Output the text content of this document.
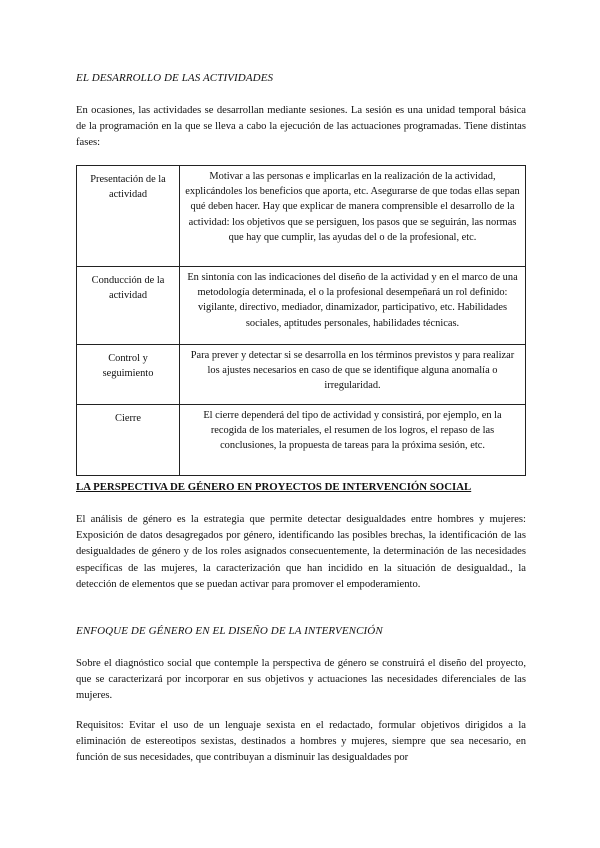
EL DESARROLLO DE LAS ACTIVIDADES

En ocasiones, las actividades se desarrollan mediante sesiones. La sesión es una unidad temporal básica de la programación en la que se lleva a cabo la ejecución de las actuaciones programadas. Tiene distintas fases:

Presentación de la actividad	Motivar a las personas e implicarlas en la realización de la actividad, explicándoles los beneficios que aporta, etc. Asegurarse de que todas ellas sepan qué deben hacer. Hay que explicar de manera comprensible el desarrollo de la actividad: los objetivos que se persiguen, los pasos que se seguirán, las normas que hay que cumplir, las ayudas del o de la profesional, etc.
Conducción de la actividad	En sintonía con las indicaciones del diseño de la actividad y en el marco de una metodología determinada, el o la profesional desempeñará un rol definido: vigilante, directivo, mediador, dinamizador, participativo, etc. Habilidades sociales, aptitudes personales, habilidades técnicas.
Control y seguimiento	Para prever y detectar si se desarrolla en los términos previstos y para realizar los ajustes necesarios en caso de que se identifique alguna anomalía o irregularidad.
Cierre	El cierre dependerá del tipo de actividad y consistirá, por ejemplo, en la recogida de los materiales, el resumen de los logros, el repaso de las conclusiones, la propuesta de tareas para la próxima sesión, etc.

LA PERSPECTIVA DE GÉNERO EN PROYECTOS DE INTERVENCIÓN SOCIAL

El análisis de género es la estrategia que permite detectar desigualdades entre hombres y mujeres: Exposición de datos desagregados por género, identificando las posibles brechas, la identificación de las desigualdades de género y de los roles asignados consecuentemente, la determinación de las necesidades específicas de las mujeres, la caracterización que han incidido en la situación de desigualdad., la detección de elementos que se puedan activar para promover el empoderamiento.

ENFOQUE DE GÉNERO EN EL DISEÑO DE LA INTERVENCIÓN

Sobre el diagnóstico social que contemple la perspectiva de género se construirá el diseño del proyecto, que se caracterizará por incorporar en sus objetivos y actuaciones las necesidades diferenciales de las mujeres.

Requisitos: Evitar el uso de un lenguaje sexista en el redactado, formular objetivos dirigidos a la eliminación de estereotipos sexistas, destinados a hombres y mujeres, siempre que sea necesario, en función de sus necesidades, que contribuyan a disminuir las desigualdades por
